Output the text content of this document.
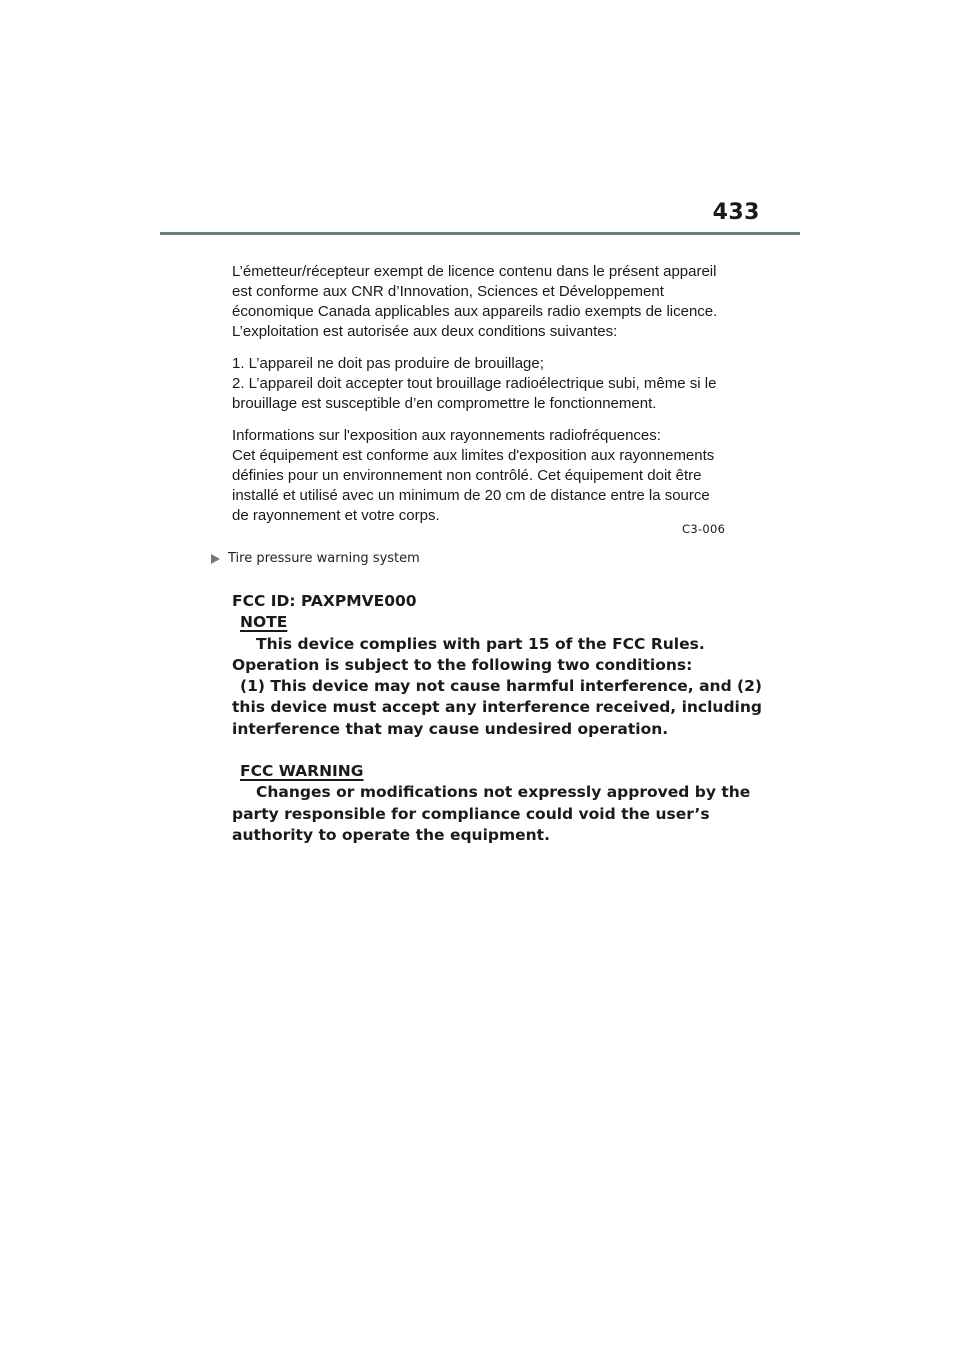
433
L’émetteur/récepteur exempt de licence contenu dans le présent appareil
est conforme aux CNR d’Innovation, Sciences et Développement
économique Canada applicables aux appareils radio exempts de licence.
L’exploitation est autorisée aux deux conditions suivantes:
1. L’appareil ne doit pas produire de brouillage;
2. L’appareil doit accepter tout brouillage radioélectrique subi, même si le
brouillage est susceptible d’en compromettre le fonctionnement.
Informations sur l'exposition aux rayonnements radiofréquences:
Cet équipement est conforme aux limites d'exposition aux rayonnements
définies pour un environnement non contrôlé. Cet équipement doit être
installé et utilisé avec un minimum de 20 cm de distance entre la source
de rayonnement et votre corps.
C3-006
Tire pressure warning system
FCC ID: PAXPMVE000
NOTE
This device complies with part 15 of the FCC Rules.
Operation is subject to the following two conditions:
(1) This device may not cause harmful interference, and (2)
this device must accept any interference received, including
interference that may cause undesired operation.
FCC WARNING
Changes or modifications not expressly approved by the
party responsible for compliance could void the user’s
authority to operate the equipment.
